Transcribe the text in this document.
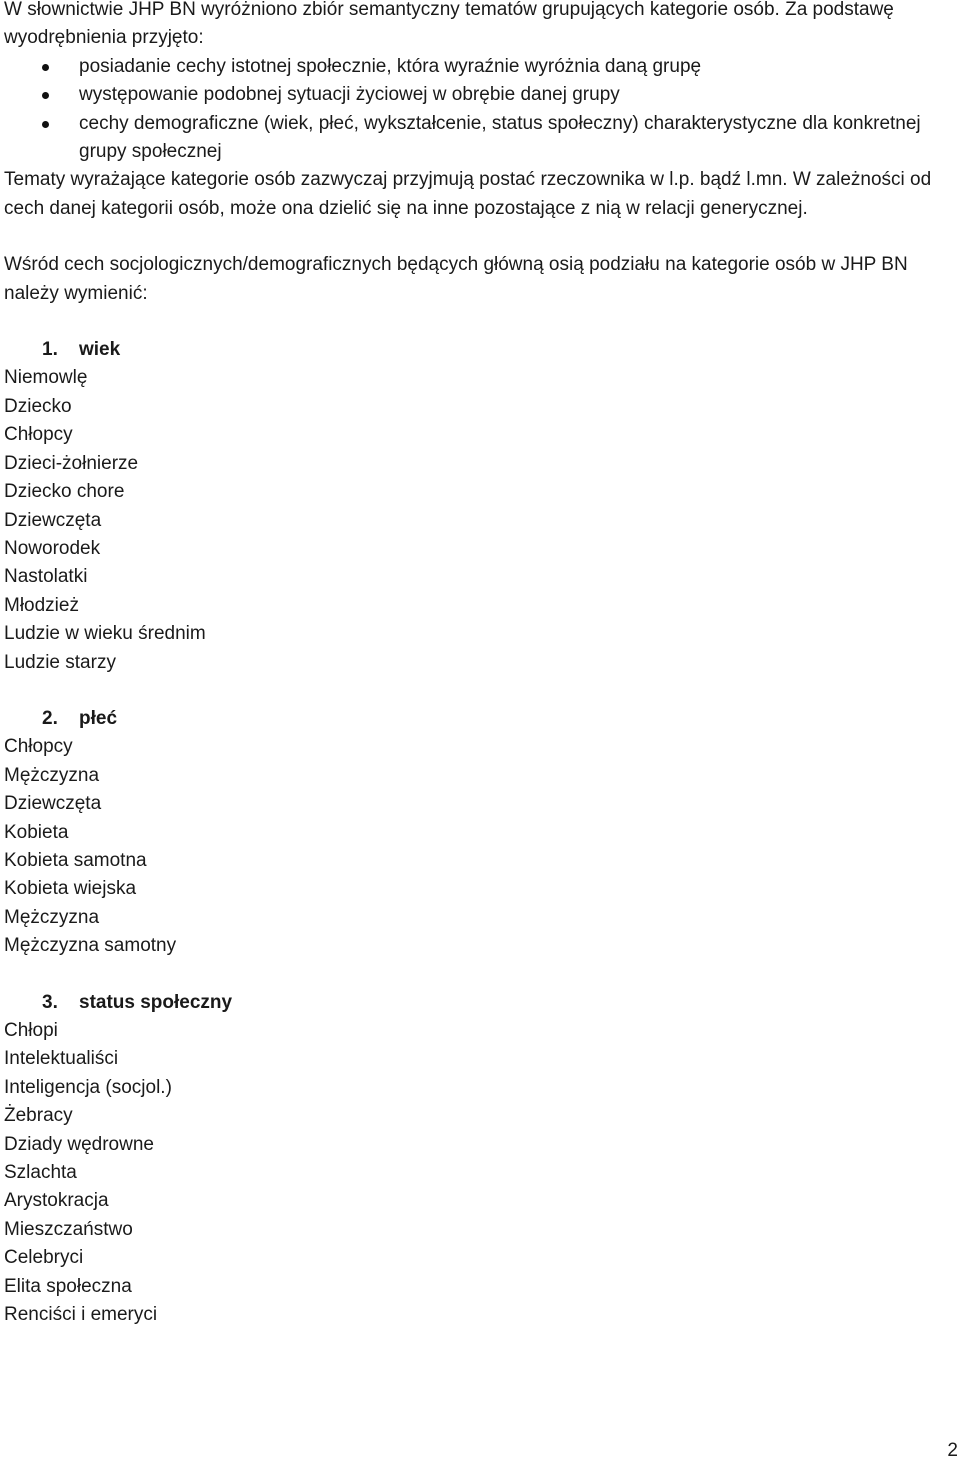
W słownictwie JHP BN wyróżniono zbiór semantyczny tematów grupujących kategorie osób. Za podstawę wyodrębnienia przyjęto:

posiadanie cechy istotnej społecznie, która wyraźnie wyróżnia daną grupę
występowanie podobnej sytuacji życiowej w obrębie danej grupy
cechy demograficzne (wiek, płeć, wykształcenie, status społeczny) charakterystyczne dla konkretnej grupy społecznej

Tematy wyrażające kategorie osób zazwyczaj przyjmują postać rzeczownika w l.p. bądź l.mn. W zależności od cech danej kategorii osób, może ona dzielić się na inne pozostające z nią w relacji generycznej.

Wśród cech socjologicznych/demograficznych będących główną osią podziału na kategorie osób w JHP BN należy wymienić:

1. wiek
Niemowlę
Dziecko
Chłopcy
Dzieci-żołnierze
Dziecko chore
Dziewczęta
Noworodek
Nastolatki
Młodzież
Ludzie w wieku średnim
Ludzie starzy
2. płeć
Chłopcy
Mężczyzna
Dziewczęta
Kobieta
Kobieta samotna
Kobieta wiejska
Mężczyzna
Mężczyzna samotny
3. status społeczny
Chłopi
Intelektualiści
Inteligencja (socjol.)
Żebracy
Dziady wędrowne
Szlachta
Arystokracja
Mieszczaństwo
Celebryci
Elita społeczna
Renciści i emeryci
2
